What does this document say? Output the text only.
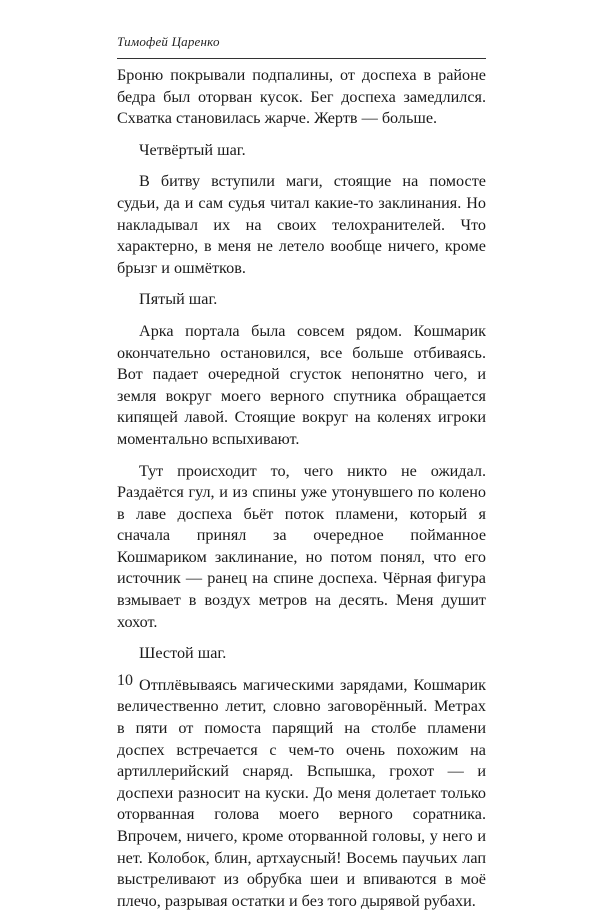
Тимофей Царенко

Броню покрывали подпалины, от доспеха в районе бедра был оторван кусок. Бег доспеха замедлился. Схватка становилась жарче. Жертв — больше.

Четвёртый шаг.

В битву вступили маги, стоящие на помосте судьи, да и сам судья читал какие-то заклинания. Но накладывал их на своих телохранителей. Что характерно, в меня не летело вообще ничего, кроме брызг и ошмётков.

Пятый шаг.

Арка портала была совсем рядом. Кошмарик окончательно остановился, все больше отбиваясь. Вот падает очередной сгусток непонятно чего, и земля вокруг моего верного спутника обращается кипящей лавой. Стоящие вокруг на коленях игроки моментально вспыхивают.

Тут происходит то, чего никто не ожидал. Раздаётся гул, и из спины уже утонувшего по колено в лаве доспеха бьёт поток пламени, который я сначала принял за очередное поймaнное Кошмариком заклинание, но потом понял, что его источник — ранец на спине доспеха. Чёрная фигура взмывает в воздух метров на десять. Меня душит хохот.

Шестой шаг.

Отплёвываясь магическими зарядами, Кошмарик величественно летит, словно заговорённый. Метрах в пяти от помоста парящий на столбе пламени доспех встречается с чем-то очень похожим на артиллерийский снаряд. Вспышка, грохот — и доспехи разносит на куски. До меня долетает только оторванная голова моего верного соратника. Впрочем, ничего, кроме оторванной головы, у него и нет. Колобок, блин, артхаусный! Восемь паучьих лап выстреливают из обрубка шеи и впиваются в моё плечо, разрывая остатки и без того дырявой рубахи.

10
